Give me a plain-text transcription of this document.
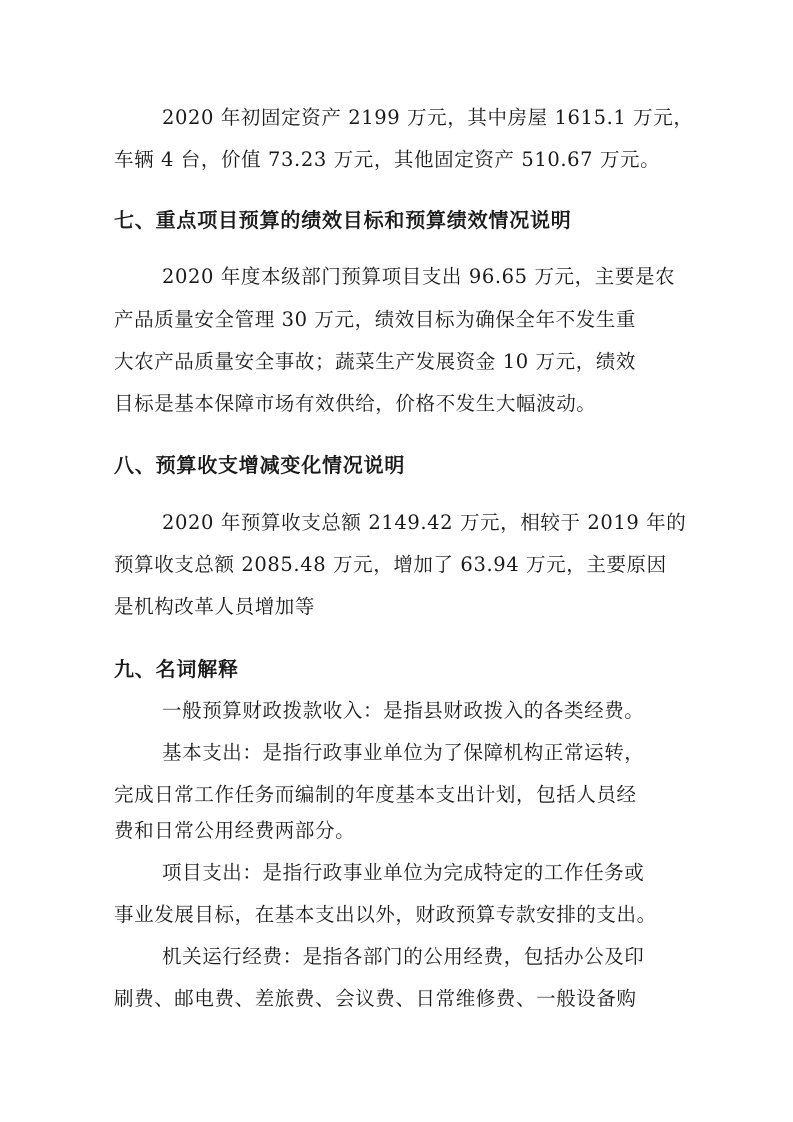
2020 年初固定资产 2199 万元，其中房屋 1615.1 万元，
车辆 4 台，价值 73.23 万元，其他固定资产 510.67 万元。
七、重点项目预算的绩效目标和预算绩效情况说明
2020 年度本级部门预算项目支出 96.65 万元，主要是农
产品质量安全管理 30 万元，绩效目标为确保全年不发生重
大农产品质量安全事故；蔬菜生产发展资金 10 万元，绩效
目标是基本保障市场有效供给，价格不发生大幅波动。
八、预算收支增减变化情况说明
2020 年预算收支总额 2149.42 万元，相较于 2019 年的
预算收支总额 2085.48 万元，增加了 63.94 万元，主要原因
是机构改革人员增加等
九、名词解释
一般预算财政拨款收入：是指县财政拨入的各类经费。
基本支出：是指行政事业单位为了保障机构正常运转，
完成日常工作任务而编制的年度基本支出计划，包括人员经
费和日常公用经费两部分。
项目支出：是指行政事业单位为完成特定的工作任务或
事业发展目标，在基本支出以外，财政预算专款安排的支出。
机关运行经费：是指各部门的公用经费，包括办公及印
刷费、邮电费、差旅费、会议费、日常维修费、一般设备购
